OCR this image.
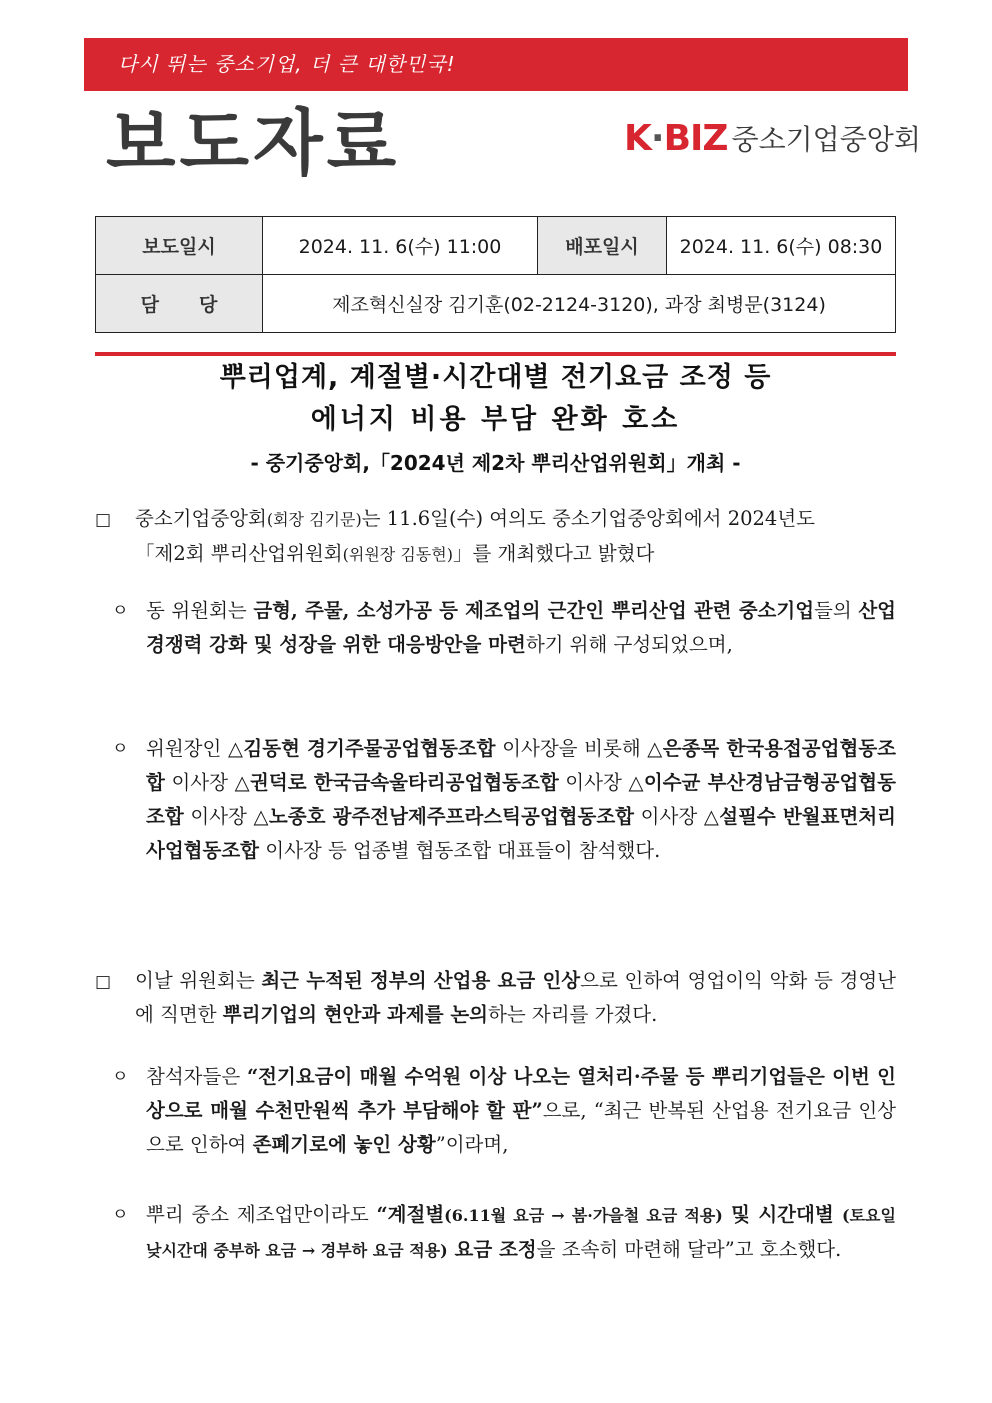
다시 뛰는 중소기업, 더 큰 대한민국!
보도자료	K·BIZ 중소기업중앙회
보도일시	2024. 11. 6(수) 11:00	배포일시	2024. 11. 6(수) 08:30
담당	제조혁신실장 김기훈(02-2124-3120), 과장 최병문(3124)		
뿌리업계, 계절별·시간대별 전기요금 조정 등
에너지 비용 부담 완화 호소
- 중기중앙회,「2024년 제2차 뿌리산업위원회」개최 -
□ 중소기업중앙회(회장 김기문)는 11.6일(수) 여의도 중소기업중앙회에서 2024년도
「제2회 뿌리산업위원회(위원장 김동현)」를 개최했다고 밝혔다
ㅇ 동 위원회는 금형, 주물, 소성가공 등 제조업의 근간인 뿌리산업 관련 중소기업들의 산업 경쟁력 강화 및 성장을 위한 대응방안을 마련하기 위해 구성되었으며,
ㅇ 위원장인 △김동현 경기주물공업협동조합 이사장을 비롯해 △은종목 한국용접공업협동조합 이사장 △권덕로 한국금속울타리공업협동조합 이사장 △이수균 부산경남금형공업협동조합 이사장 △노종호 광주전남제주프라스틱공업협동조합 이사장 △설필수 반월표면처리사업협동조합 이사장 등 업종별 협동조합 대표들이 참석했다.
□ 이날 위원회는 최근 누적된 정부의 산업용 요금 인상으로 인하여 영업이익 악화 등 경영난에 직면한 뿌리기업의 현안과 과제를 논의하는 자리를 가졌다.
ㅇ 참석자들은 “전기요금이 매월 수억원 이상 나오는 열처리·주물 등 뿌리기업들은 이번 인상으로 매월 수천만원씩 추가 부담해야 할 판”으로, “최근 반복된 산업용 전기요금 인상으로 인하여 존폐기로에 놓인 상황”이라며,
ㅇ 뿌리 중소 제조업만이라도 “계절별(6.11월 요금 → 봄·가을철 요금 적용) 및 시간대별 (토요일 낮시간대 중부하 요금 → 경부하 요금 적용) 요금 조정을 조속히 마련해 달라”고 호소했다.
